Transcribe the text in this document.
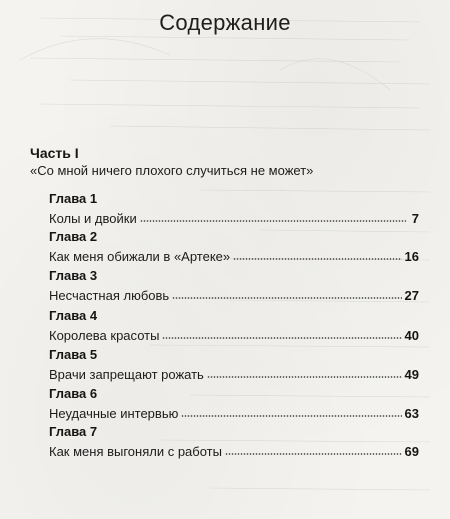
Содержание
Часть I
«Со мной ничего плохого случиться не может»
Глава 1
Колы и двойки	7
Глава 2
Как меня обижали в «Артеке»	16
Глава 3
Несчастная любовь	27
Глава 4
Королева красоты	40
Глава 5
Врачи запрещают рожать	49
Глава 6
Неудачные интервью	63
Глава 7
Как меня выгоняли с работы	69
